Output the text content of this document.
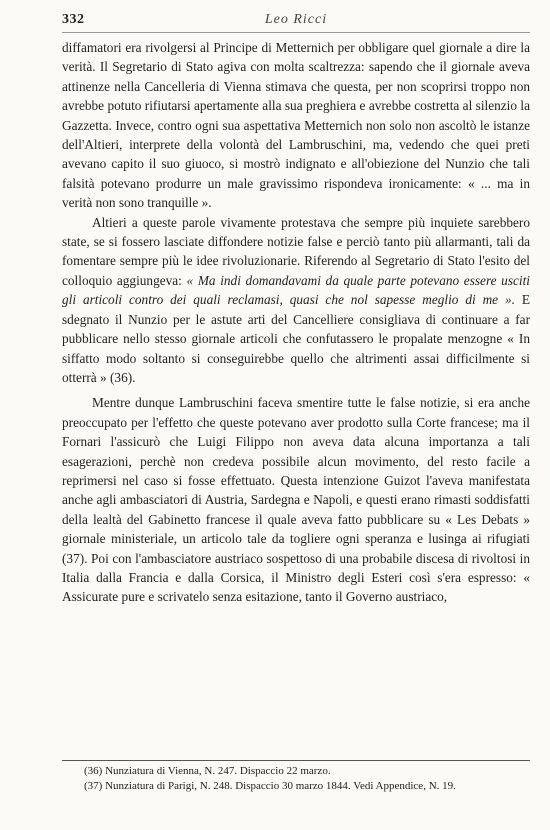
332	Leo Ricci

diffamatori era rivolgersi al Principe di Metternich per obbligare quel giornale a dire la verità. Il Segretario di Stato agiva con molta scaltrezza: sapendo che il giornale aveva attinenze nella Cancelleria di Vienna stimava che questa, per non scoprirsi troppo non avrebbe potuto rifiutarsi apertamente alla sua preghiera e avrebbe costretta al silenzio la Gazzetta. Invece, contro ogni sua aspettativa Metternich non solo non ascoltò le istanze dell'Altieri, interprete della volontà del Lambruschini, ma, vedendo che quei preti avevano capito il suo giuoco, si mostrò indignato e all'obiezione del Nunzio che tali falsità potevano produrre un male gravissimo rispondeva ironicamente: « ... ma in verità non sono tranquille ».

Altieri a queste parole vivamente protestava che sempre più inquiete sarebbero state, se si fossero lasciate diffondere notizie false e perciò tanto più allarmanti, tali da fomentare sempre più le idee rivoluzionarie. Riferendo al Segretario di Stato l'esito del colloquio aggiungeva: « Ma indi domandavami da quale parte potevano essere usciti gli articoli contro dei quali reclamasi, quasi che nol sapesse meglio di me ». E sdegnato il Nunzio per le astute arti del Cancelliere consigliava di continuare a far pubblicare nello stesso giornale articoli che confutassero le propalate menzogne « In siffatto modo soltanto si conseguirebbe quello che altrimenti assai difficilmente si otterrà » (36).

Mentre dunque Lambruschini faceva smentire tutte le false notizie, si era anche preoccupato per l'effetto che queste potevano aver prodotto sulla Corte francese; ma il Fornari l'assicurò che Luigi Filippo non aveva data alcuna importanza a tali esagerazioni, perchè non credeva possibile alcun movimento, del resto facile a reprimersi nel caso si fosse effettuato. Questa intenzione Guizot l'aveva manifestata anche agli ambasciatori di Austria, Sardegna e Napoli, e questi erano rimasti soddisfatti della lealtà del Gabinetto francese il quale aveva fatto pubblicare su « Les Debats » giornale ministeriale, un articolo tale da togliere ogni speranza e lusinga ai rifugiati (37). Poi con l'ambasciatore austriaco sospettoso di una probabile discesa di rivoltosi in Italia dalla Francia e dalla Corsica, il Ministro degli Esteri così s'era espresso: « Assicurate pure e scrivatelo senza esitazione, tanto il Governo austriaco,

(36) Nunziatura di Vienna, N. 247. Dispaccio 22 marzo.

(37) Nunziatura di Parigi, N. 248. Dispaccio 30 marzo 1844. Vedi Appendice, N. 19.
